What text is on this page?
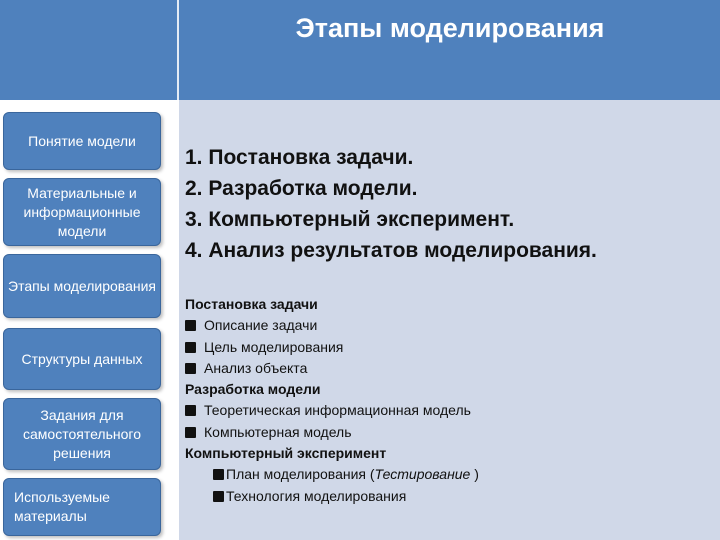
Этапы моделирования
Понятие модели
Материальные и информационные модели
Этапы моделирования
Структуры данных
Задания для самостоятельного решения
Используемые материалы
1. Постановка задачи.
2. Разработка модели.
3. Компьютерный эксперимент.
4. Анализ результатов моделирования.
Постановка задачи
Описание задачи
Цель моделирования
Анализ объекта
Разработка модели
Теоретическая информационная модель
Компьютерная модель
Компьютерный эксперимент
План моделирования (Тестирование )
Технология моделирования
